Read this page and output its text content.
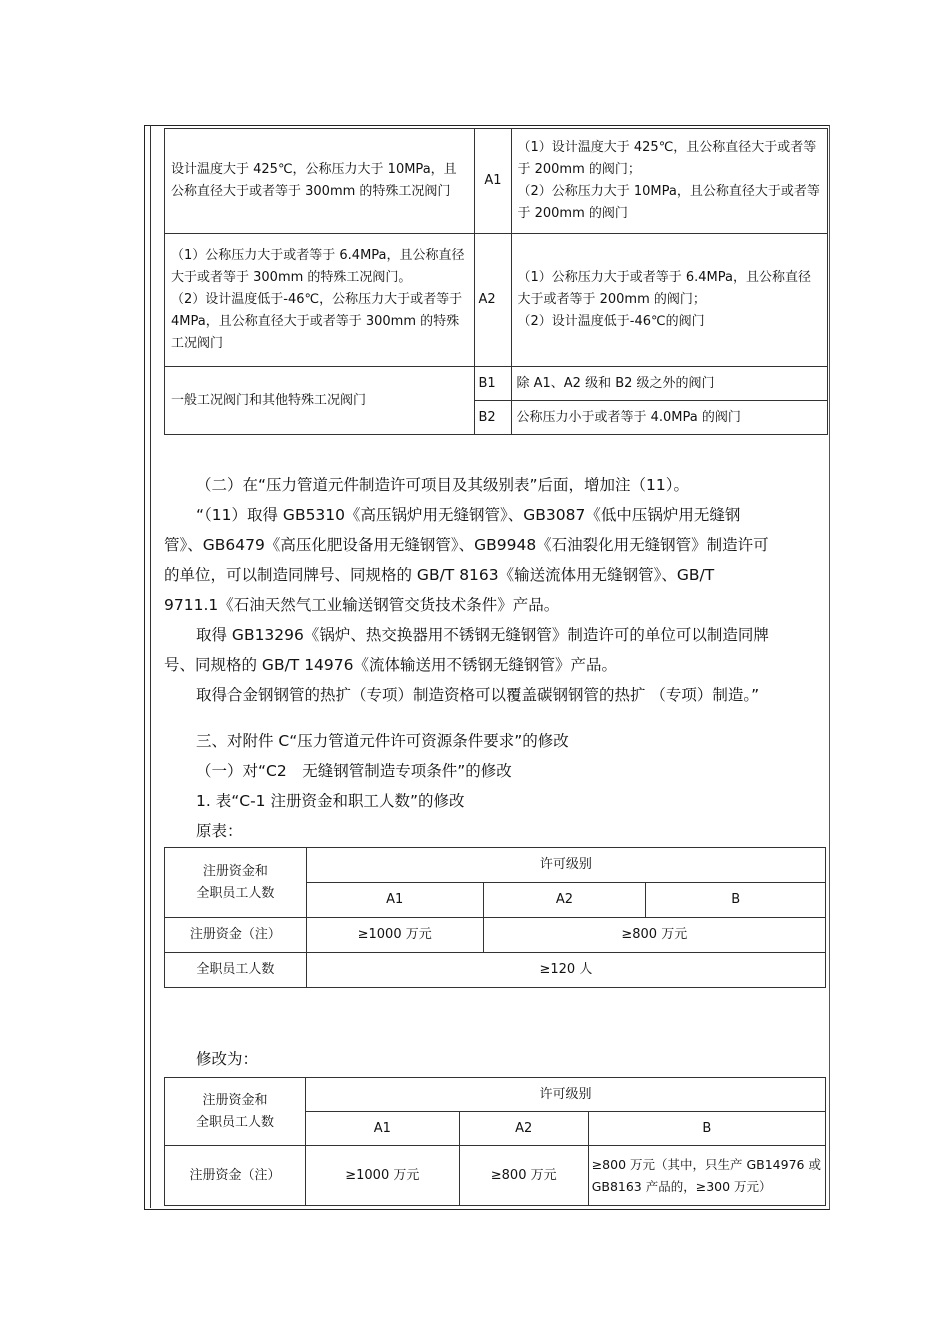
设计温度大于 425℃，公称压力大于 10MPa，且公称直径大于或者等于 300mm 的特殊工况阀门	A1	（1）设计温度大于 425℃，且公称直径大于或者等于 200mm 的阀门；
（2）公称压力大于 10MPa，且公称直径大于或者等于 200mm 的阀门
（1）公称压力大于或者等于 6.4MPa，且公称直径大于或者等于 300mm 的特殊工况阀门。
（2）设计温度低于-46℃，公称压力大于或者等于 4MPa，且公称直径大于或者等于 300mm 的特殊工况阀门	A2	（1）公称压力大于或者等于 6.4MPa，且公称直径大于或者等于 200mm 的阀门；
（2）设计温度低于-46℃的阀门
一般工况阀门和其他特殊工况阀门	B1	除 A1、A2 级和 B2 级之外的阀门
	B2	公称压力小于或者等于 4.0MPa 的阀门

（二）在“压力管道元件制造许可项目及其级别表”后面，增加注（11）。

“（11）取得 GB5310《高压锅炉用无缝钢管》、GB3087《低中压锅炉用无缝钢

管》、GB6479《高压化肥设备用无缝钢管》、GB9948《石油裂化用无缝钢管》制造许可

的单位，可以制造同牌号、同规格的 GB/T 8163《输送流体用无缝钢管》、GB/T

9711.1《石油天然气工业输送钢管交货技术条件》产品。

取得 GB13296《锅炉、热交换器用不锈钢无缝钢管》制造许可的单位可以制造同牌

号、同规格的 GB/T 14976《流体输送用不锈钢无缝钢管》产品。

取得合金钢钢管的热扩（专项）制造资格可以覆盖碳钢钢管的热扩 （专项）制造。”

三、对附件 C“压力管道元件许可资源条件要求”的修改

（一）对“C2　无缝钢管制造专项条件”的修改

1. 表“C-1 注册资金和职工人数”的修改

原表：

注册资金和
全职员工人数	许可级别		
	A1	A2	B
注册资金（注）	≥1000 万元	≥800 万元	
全职员工人数	≥120 人		

修改为：

注册资金和
全职员工人数	许可级别		
	A1	A2	B
注册资金（注）	≥1000 万元	≥800 万元	≥800 万元（其中，只生产 GB14976 或
GB8163 产品的，≥300 万元）
